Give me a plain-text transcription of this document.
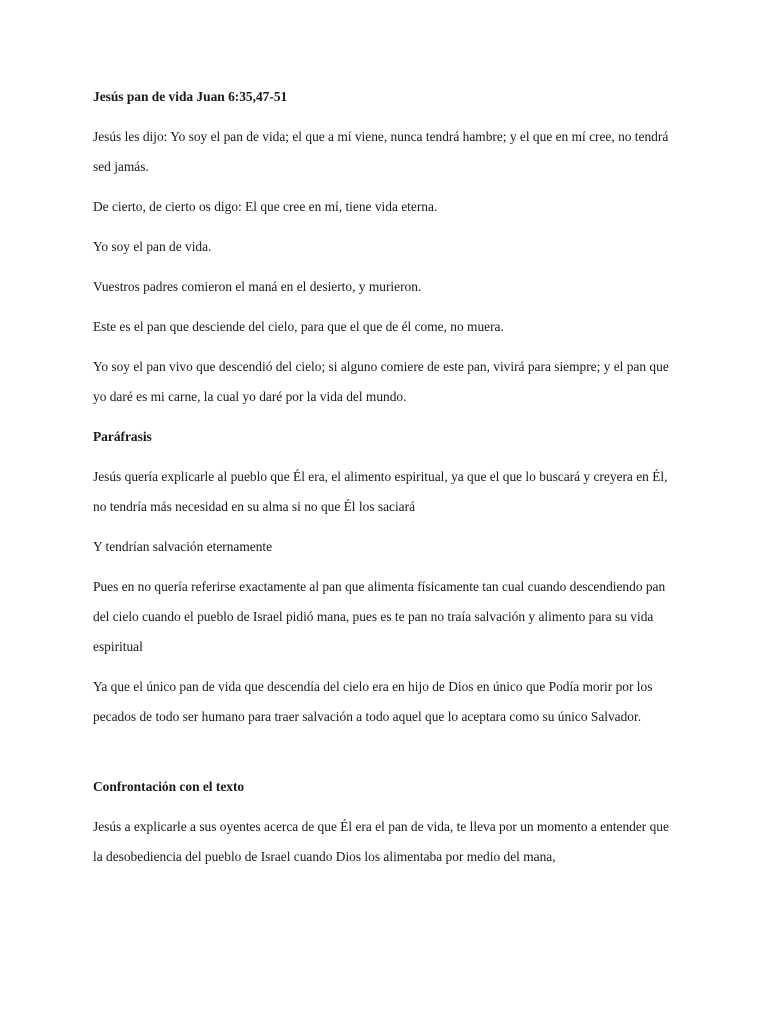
Jesús pan de vida Juan 6:35,47-51

Jesús les dijo: Yo soy el pan de vida; el que a mí viene, nunca tendrá hambre; y el que en mí cree, no tendrá sed jamás.

De cierto, de cierto os digo: El que cree en mí, tiene vida eterna.

Yo soy el pan de vida.

Vuestros padres comieron el maná en el desierto, y murieron.

Este es el pan que desciende del cielo, para que el que de él come, no muera.

Yo soy el pan vivo que descendió del cielo; si alguno comiere de este pan, vivirá para siempre; y el pan que yo daré es mi carne, la cual yo daré por la vida del mundo.

Paráfrasis

Jesús quería explicarle al pueblo que Él era, el alimento espiritual, ya que el que lo buscará y creyera en Él, no tendría más necesidad en su alma si no que Él los saciará

Y tendrían salvación eternamente

Pues en no quería referirse exactamente al pan que alimenta físicamente tan cual cuando descendiendo pan del cielo cuando el pueblo de Israel pidió mana, pues es te pan no traía salvación y alimento para su vida espiritual

Ya que el único pan de vida que descendía del cielo era en hijo de Dios en único que Podía morir por los pecados de todo ser humano para traer salvación a todo aquel que lo aceptara como su único Salvador.

Confrontación con el texto

Jesús a explicarle a sus oyentes acerca de que Él era el pan de vida, te lleva por un momento a entender que la desobediencia del pueblo de Israel cuando Dios los alimentaba por medio del mana,
